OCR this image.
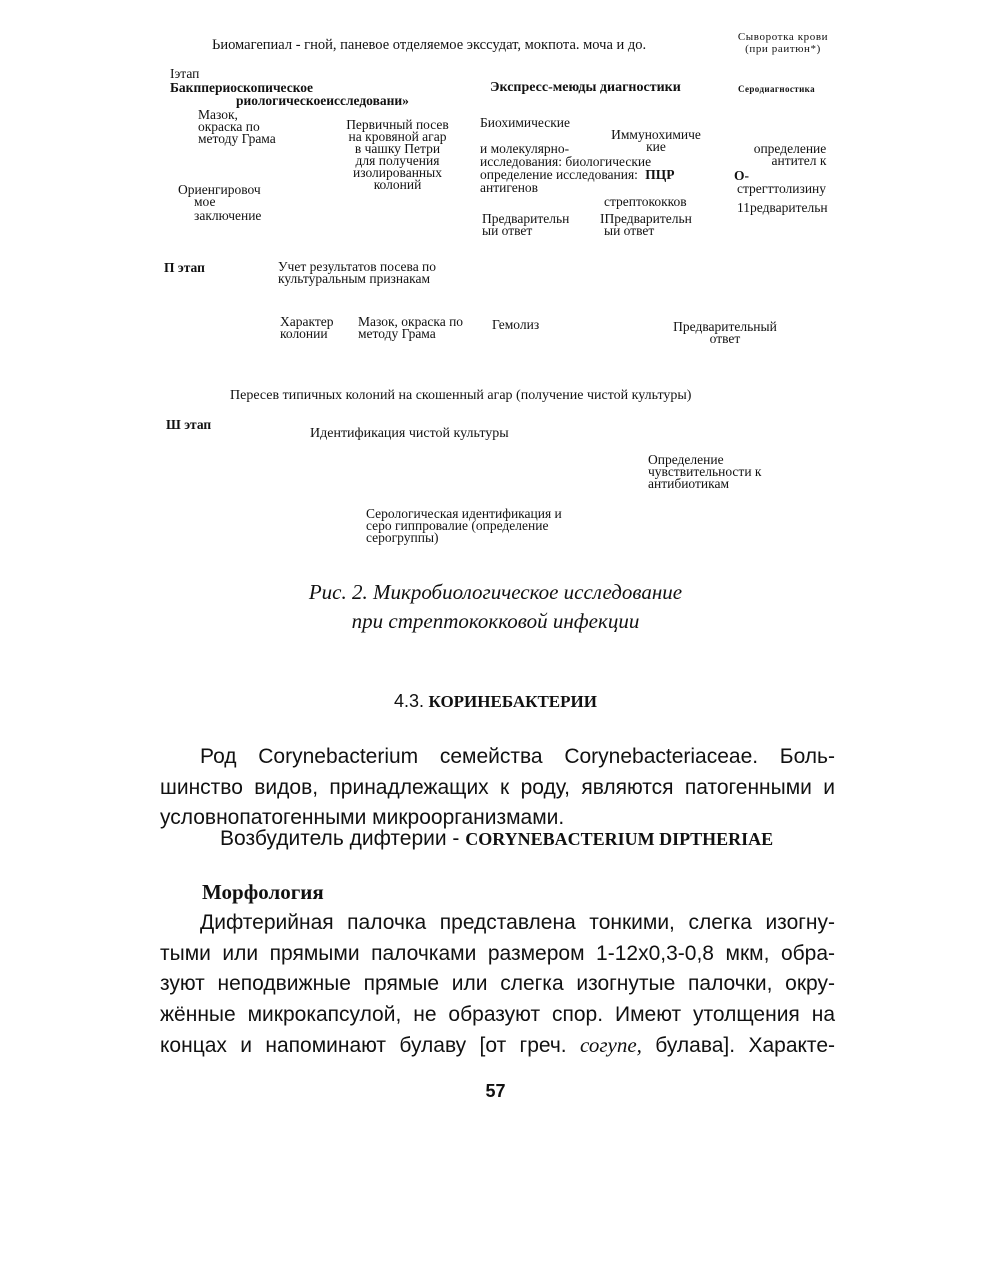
Ьиомагепиал - гной, паневое отделяемое экссудат, мокпота. моча и до.	Сыворотка крови
(при раитюн*)
Iэтап
Бакппериоскопическое
риологическоеисследовани»
Экспресс-меюды диагностики	Серодиагностика
Мазок,
окраска по
методу Грама
Первичный посев
на кровяной агар
в чашку Петри
для получения
изолированных
колоний
Биохимические
Иммунохимиче
кие
и молекулярно-
исследования: биологические
определение исследования: ПЦР
антигенов
определение
антител к
О-
стрегттолизину
Ориенгировоч
мое
заключение
стрептококков	11редварительн
Предварительн
ыи ответ
IПредварительн
ыи ответ
П этап	Учет результатов посева по
культуральным признакам
Характер
колонии
Мазок, окраска по
методу Грама
Гемолиз	Предварительный
ответ
Пересев типичных колоний на скошенный агар (получение чистой культуры)
Ш этап
Идентификация чистой культуры
Определение
чувствительности к
антибиотикам
Серологическая идентификация и
серо гиппровалие (определение
серогруппы)
Рис. 2. Микробиологическое исследование
при стрептококковой инфекции
4.3. КОРИНЕБАКТЕРИИ
Род Corynebacterium семейства Corynebacteriaceae. Боль-
шинство видов, принадлежащих к роду, являются патогенными и
условнопатогенными микроорганизмами.
Возбудитель дифтерии - CORYNEBACTERIUM DIPTHERIAE
Морфология
Дифтерийная палочка представлена тонкими, слегка изогну-
тыми или прямыми палочками размером 1-12х0,3-0,8 мкм, обра-
зуют неподвижные прямые или слегка изогнутые палочки, окру-
жённые микрокапсулой, не образуют спор. Имеют утолщения на
концах и напоминают булаву [от греч. согупе, булава]. Характе-
57
